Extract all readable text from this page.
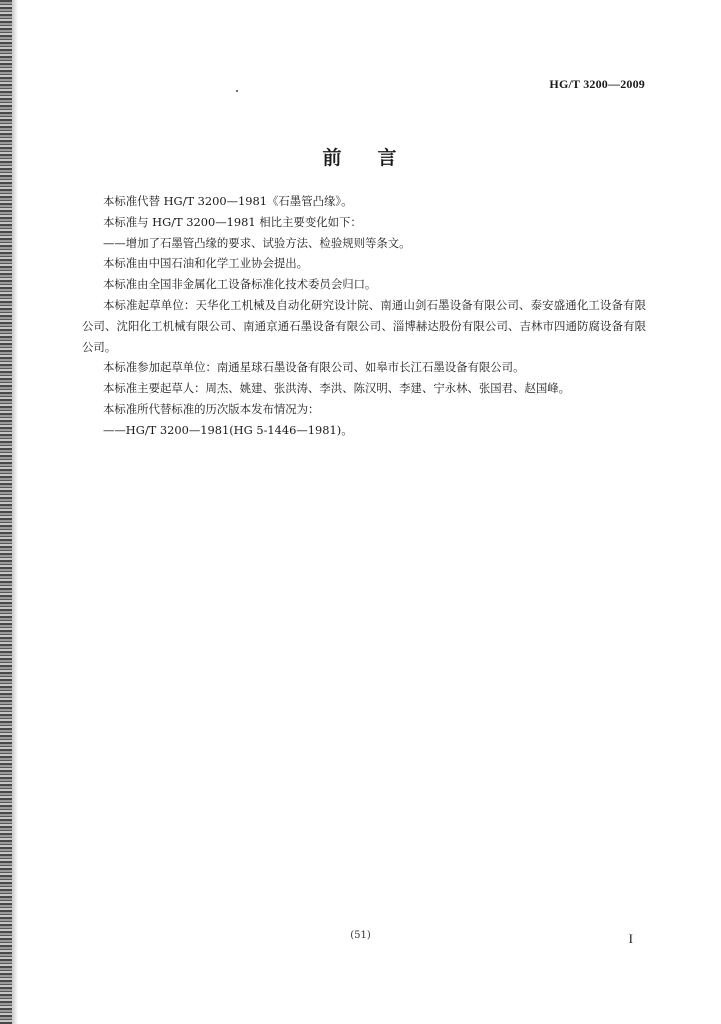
HG/T 3200—2009
前 言

本标准代替 HG/T 3200—1981《石墨管凸缘》。

本标准与 HG/T 3200—1981 相比主要变化如下：

——增加了石墨管凸缘的要求、试验方法、检验规则等条文。

本标准由中国石油和化学工业协会提出。

本标准由全国非金属化工设备标准化技术委员会归口。

本标准起草单位：天华化工机械及自动化研究设计院、南通山剑石墨设备有限公司、泰安盛通化工设备有限公司、沈阳化工机械有限公司、南通京通石墨设备有限公司、淄博赫达股份有限公司、吉林市四通防腐设备有限公司。

本标准参加起草单位：南通星球石墨设备有限公司、如皋市长江石墨设备有限公司。

本标准主要起草人：周杰、姚建、张洪涛、李洪、陈汉明、李建、宁永林、张国君、赵国峰。

本标准所代替标准的历次版本发布情况为：

——HG/T 3200—1981(HG 5-1446—1981)。

(51)	I
